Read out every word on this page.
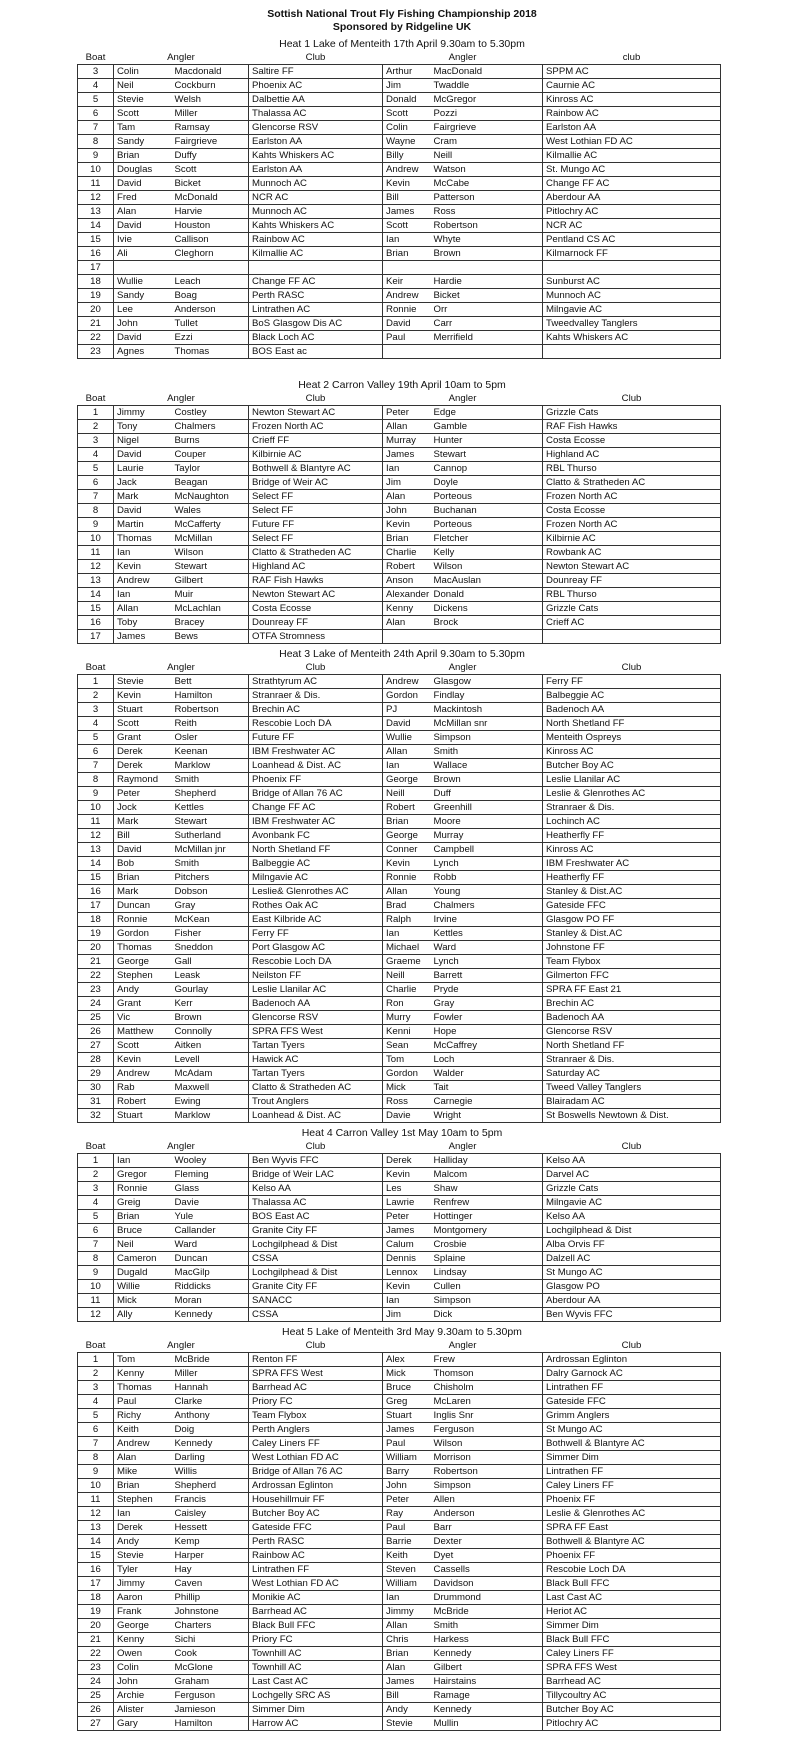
Sottish National Trout Fly Fishing Championship 2018
Sponsored by Ridgeline UK
Heat 1 Lake of Menteith 17th April 9.30am to 5.30pm
Boat	Angler		Club	Angler		club
3	Colin	Macdonald	Saltire FF	Arthur	MacDonald	SPPM AC
4	Neil	Cockburn	Phoenix AC	Jim	Twaddle	Caurnie AC
5	Stevie	Welsh	Dalbettie AA	Donald	McGregor	Kinross AC
6	Scott	Miller	Thalassa AC	Scott	Pozzi	Rainbow AC
7	Tam	Ramsay	Glencorse RSV	Colin	Fairgrieve	Earlston AA
8	Sandy	Fairgrieve	Earlston AA	Wayne	Cram	West Lothian FD AC
9	Brian	Duffy	Kahts Whiskers AC	Billy	Neill	Kilmallie AC
10	Douglas	Scott	Earlston AA	Andrew	Watson	St. Mungo AC
11	David	Bicket	Munnoch AC	Kevin	McCabe	Change FF AC
12	Fred	McDonald	NCR AC	Bill	Patterson	Aberdour AA
13	Alan	Harvie	Munnoch AC	James	Ross	Pitlochry AC
14	David	Houston	Kahts Whiskers AC	Scott	Robertson	NCR AC
15	Ivie	Callison	Rainbow AC	Ian	Whyte	Pentland CS AC
16	Ali	Cleghorn	Kilmallie AC	Brian	Brown	Kilmarnock FF
17						
18	Wullie	Leach	Change FF AC	Keir	Hardie	Sunburst AC
19	Sandy	Boag	Perth RASC	Andrew	Bicket	Munnoch AC
20	Lee	Anderson	Lintrathen AC	Ronnie	Orr	Milngavie AC
21	John	Tullet	BoS Glasgow Dis AC	David	Carr	Tweedvalley Tanglers
22	David	Ezzi	Black Loch AC	Paul	Merrifield	Kahts Whiskers AC
23	Agnes	Thomas	BOS East ac			
Heat 2 Carron Valley 19th April 10am to 5pm
Boat	Angler		Club	Angler		Club
1	Jimmy	Costley	Newton Stewart AC	Peter	Edge	Grizzle Cats
2	Tony	Chalmers	Frozen North AC	Allan	Gamble	RAF Fish Hawks
3	Nigel	Burns	Crieff FF	Murray	Hunter	Costa Ecosse
4	David	Couper	Kilbirnie AC	James	Stewart	Highland AC
5	Laurie	Taylor	Bothwell & Blantyre AC	Ian	Cannop	RBL Thurso
6	Jack	Beagan	Bridge of Weir AC	Jim	Doyle	Clatto & Stratheden AC
7	Mark	McNaughton	Select FF	Alan	Porteous	Frozen North AC
8	David	Wales	Select FF	John	Buchanan	Costa Ecosse
9	Martin	McCafferty	Future FF	Kevin	Porteous	Frozen North AC
10	Thomas	McMillan	Select FF	Brian	Fletcher	Kilbirnie AC
11	Ian	Wilson	Clatto & Stratheden AC	Charlie	Kelly	Rowbank AC
12	Kevin	Stewart	Highland AC	Robert	Wilson	Newton Stewart AC
13	Andrew	Gilbert	RAF Fish Hawks	Anson	MacAuslan	Dounreay FF
14	Ian	Muir	Newton Stewart AC	Alexander	Donald	RBL Thurso
15	Allan	McLachlan	Costa Ecosse	Kenny	Dickens	Grizzle Cats
16	Toby	Bracey	Dounreay FF	Alan	Brock	Crieff AC
17	James	Bews	OTFA Stromness			
Heat 3 Lake of Menteith 24th April 9.30am to 5.30pm
Boat	Angler		Club	Angler		Club
1	Stevie	Bett	Strathtyrum AC	Andrew	Glasgow	Ferry FF
2	Kevin	Hamilton	Stranraer & Dis.	Gordon	Findlay	Balbeggie AC
3	Stuart	Robertson	Brechin AC	PJ	Mackintosh	Badenoch AA
4	Scott	Reith	Rescobie Loch DA	David	McMillan snr	North Shetland FF
5	Grant	Osler	Future FF	Wullie	Simpson	Menteith Ospreys
6	Derek	Keenan	IBM Freshwater AC	Allan	Smith	Kinross AC
7	Derek	Marklow	Loanhead & Dist. AC	Ian	Wallace	Butcher Boy AC
8	Raymond	Smith	Phoenix FF	George	Brown	Leslie Llanilar AC
9	Peter	Shepherd	Bridge of Allan 76 AC	Neill	Duff	Leslie & Glenrothes AC
10	Jock	Kettles	Change FF AC	Robert	Greenhill	Stranraer & Dis.
11	Mark	Stewart	IBM Freshwater AC	Brian	Moore	Lochinch AC
12	Bill	Sutherland	Avonbank FC	George	Murray	Heatherfly FF
13	David	McMillan jnr	North Shetland FF	Conner	Campbell	Kinross AC
14	Bob	Smith	Balbeggie AC	Kevin	Lynch	IBM Freshwater AC
15	Brian	Pitchers	Milngavie AC	Ronnie	Robb	Heatherfly FF
16	Mark	Dobson	Leslie& Glenrothes AC	Allan	Young	Stanley & Dist.AC
17	Duncan	Gray	Rothes Oak AC	Brad	Chalmers	Gateside FFC
18	Ronnie	McKean	East Kilbride AC	Ralph	Irvine	Glasgow PO FF
19	Gordon	Fisher	Ferry FF	Ian	Kettles	Stanley & Dist.AC
20	Thomas	Sneddon	Port Glasgow AC	Michael	Ward	Johnstone FF
21	George	Gall	Rescobie Loch DA	Graeme	Lynch	Team Flybox
22	Stephen	Leask	Neilston FF	Neill	Barrett	Gilmerton FFC
23	Andy	Gourlay	Leslie Llanilar AC	Charlie	Pryde	SPRA FF East 21
24	Grant	Kerr	Badenoch AA	Ron	Gray	Brechin AC
25	Vic	Brown	Glencorse RSV	Murry	Fowler	Badenoch AA
26	Matthew	Connolly	SPRA FFS West	Kenni	Hope	Glencorse RSV
27	Scott	Aitken	Tartan Tyers	Sean	McCaffrey	North Shetland FF
28	Kevin	Levell	Hawick AC	Tom	Loch	Stranraer & Dis.
29	Andrew	McAdam	Tartan Tyers	Gordon	Walder	Saturday AC
30	Rab	Maxwell	Clatto & Stratheden AC	Mick	Tait	Tweed Valley Tanglers
31	Robert	Ewing	Trout Anglers	Ross	Carnegie	Blairadam AC
32	Stuart	Marklow	Loanhead & Dist. AC	Davie	Wright	St Boswells Newtown & Dist.
Heat 4 Carron Valley 1st May 10am to 5pm
Boat	Angler		Club	Angler		Club
1	Ian	Wooley	Ben Wyvis FFC	Derek	Halliday	Kelso AA
2	Gregor	Fleming	Bridge of Weir LAC	Kevin	Malcom	Darvel AC
3	Ronnie	Glass	Kelso AA	Les	Shaw	Grizzle Cats
4	Greig	Davie	Thalassa AC	Lawrie	Renfrew	Milngavie AC
5	Brian	Yule	BOS East AC	Peter	Hottinger	Kelso AA
6	Bruce	Callander	Granite City FF	James	Montgomery	Lochgilphead & Dist
7	Neil	Ward	Lochgilphead & Dist	Calum	Crosbie	Alba Orvis FF
8	Cameron	Duncan	CSSA	Dennis	Splaine	Dalzell AC
9	Dugald	MacGilp	Lochgilphead & Dist	Lennox	Lindsay	St Mungo AC
10	Willie	Riddicks	Granite City FF	Kevin	Cullen	Glasgow PO
11	Mick	Moran	SANACC	Ian	Simpson	Aberdour AA
12	Ally	Kennedy	CSSA	Jim	Dick	Ben Wyvis FFC
Heat 5 Lake of Menteith 3rd May 9.30am to 5.30pm
Boat	Angler		Club	Angler		Club
1	Tom	McBride	Renton FF	Alex	Frew	Ardrossan Eglinton
2	Kenny	Miller	SPRA FFS West	Mick	Thomson	Dalry Garnock AC
3	Thomas	Hannah	Barrhead AC	Bruce	Chisholm	Lintrathen FF
4	Paul	Clarke	Priory FC	Greg	McLaren	Gateside FFC
5	Richy	Anthony	Team Flybox	Stuart	Inglis Snr	Grimm Anglers
6	Keith	Doig	Perth Anglers	James	Ferguson	St Mungo AC
7	Andrew	Kennedy	Caley Liners FF	Paul	Wilson	Bothwell & Blantyre AC
8	Alan	Darling	West Lothian FD AC	William	Morrison	Simmer Dim
9	Mike	Willis	Bridge of Allan 76 AC	Barry	Robertson	Lintrathen FF
10	Brian	Shepherd	Ardrossan Eglinton	John	Simpson	Caley Liners FF
11	Stephen	Francis	Househillmuir FF	Peter	Allen	Phoenix FF
12	Ian	Caisley	Butcher Boy AC	Ray	Anderson	Leslie & Glenrothes AC
13	Derek	Hessett	Gateside FFC	Paul	Barr	SPRA FF East
14	Andy	Kemp	Perth RASC	Barrie	Dexter	Bothwell & Blantyre AC
15	Stevie	Harper	Rainbow AC	Keith	Dyet	Phoenix FF
16	Tyler	Hay	Lintrathen FF	Steven	Cassells	Rescobie Loch DA
17	Jimmy	Caven	West Lothian FD AC	William	Davidson	Black Bull FFC
18	Aaron	Phillip	Monikie AC	Ian	Drummond	Last Cast AC
19	Frank	Johnstone	Barrhead AC	Jimmy	McBride	Heriot AC
20	George	Charters	Black Bull FFC	Allan	Smith	Simmer Dim
21	Kenny	Sichi	Priory FC	Chris	Harkess	Black Bull FFC
22	Owen	Cook	Townhill AC	Brian	Kennedy	Caley Liners FF
23	Colin	McGlone	Townhill AC	Alan	Gilbert	SPRA FFS West
24	John	Graham	Last Cast AC	James	Hairstains	Barrhead AC
25	Archie	Ferguson	Lochgelly SRC AS	Bill	Ramage	Tillycoultry AC
26	Alister	Jamieson	Simmer Dim	Andy	Kennedy	Butcher Boy AC
27	Gary	Hamilton	Harrow AC	Stevie	Mullin	Pitlochry AC
